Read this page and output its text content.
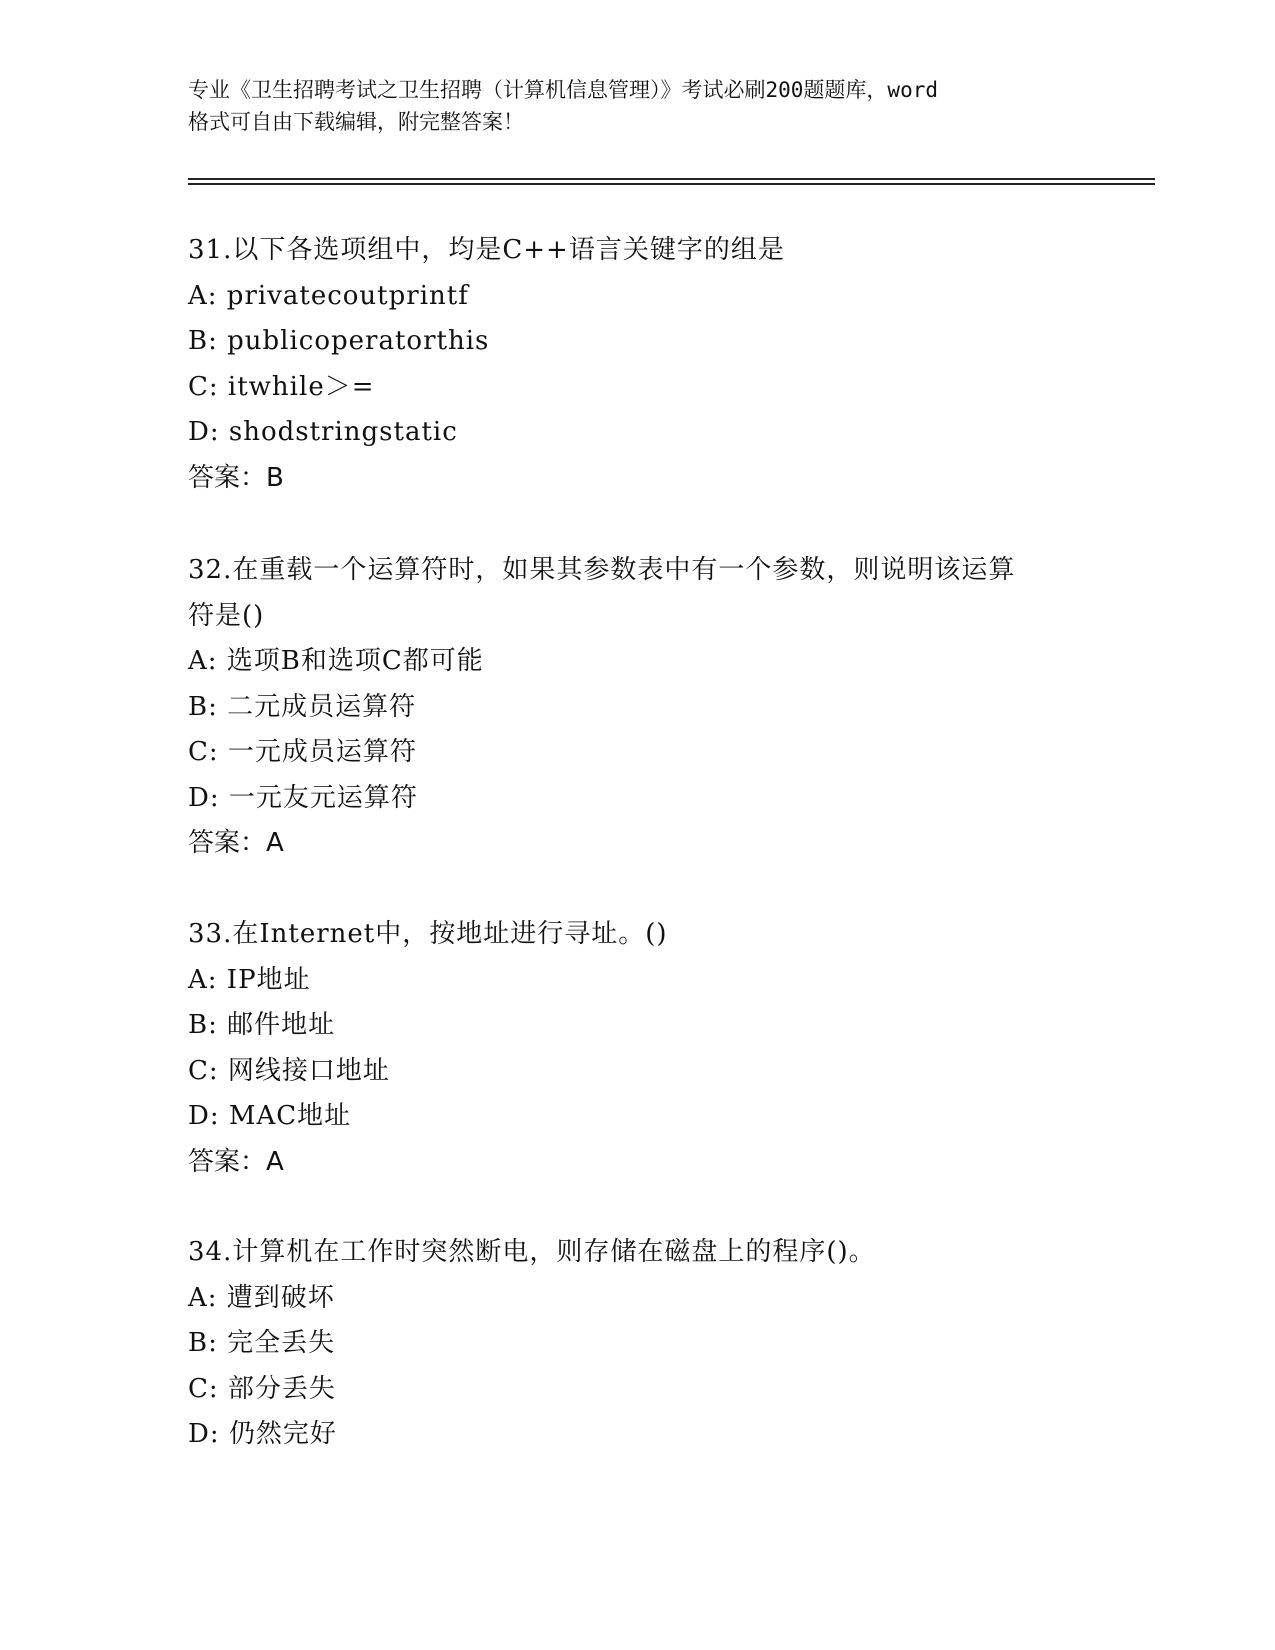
专业《卫生招聘考试之卫生招聘（计算机信息管理）》考试必刷200题题库，word
格式可自由下载编辑，附完整答案！
31.以下各选项组中，均是C++语言关键字的组是
A: privatecoutprintf
B: publicoperatorthis
C: itwhile＞=
D: shodstringstatic
答案：B
32.在重载一个运算符时，如果其参数表中有一个参数，则说明该运算
符是()
A: 选项B和选项C都可能
B: 二元成员运算符
C: 一元成员运算符
D: 一元友元运算符
答案：A
33.在Internet中，按地址进行寻址。()
A: IP地址
B: 邮件地址
C: 网线接口地址
D: MAC地址
答案：A
34.计算机在工作时突然断电，则存储在磁盘上的程序()。
A: 遭到破坏
B: 完全丢失
C: 部分丢失
D: 仍然完好
